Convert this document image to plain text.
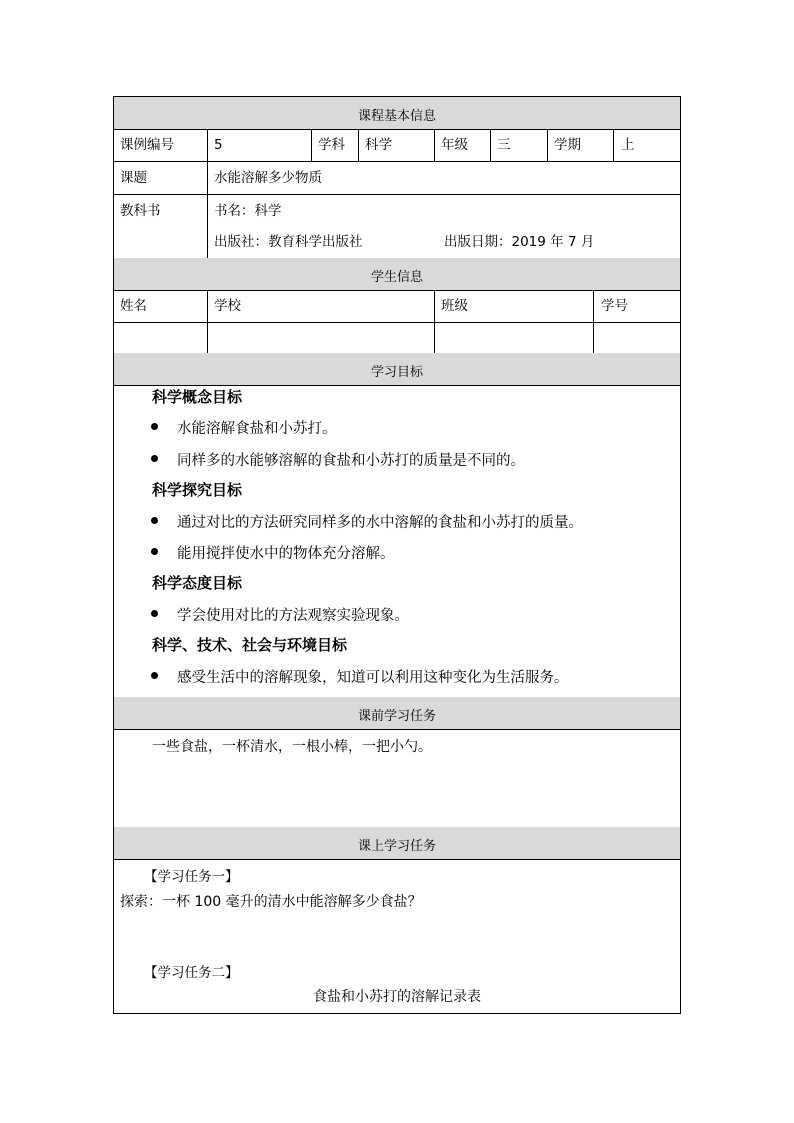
课程基本信息
课例编号	5	学科 科学	年级 三	学期	上
课题	水能溶解多少物质
教科书	书名：科学
出版社：教育科学出版社	出版日期：2019 年 7 月
学生信息
姓名	学校	班级	学号
学习目标
科学概念目标
水能溶解食盐和小苏打。
同样多的水能够溶解的食盐和小苏打的质量是不同的。
科学探究目标
通过对比的方法研究同样多的水中溶解的食盐和小苏打的质量。
能用搅拌使水中的物体充分溶解。
科学态度目标
学会使用对比的方法观察实验现象。
科学、技术、社会与环境目标
感受生活中的溶解现象，知道可以利用这种变化为生活服务。
课前学习任务
一些食盐，一杯清水，一根小棒，一把小勺。
课上学习任务
【学习任务一】
探索：一杯 100 毫升的清水中能溶解多少食盐？
【学习任务二】
食盐和小苏打的溶解记录表
